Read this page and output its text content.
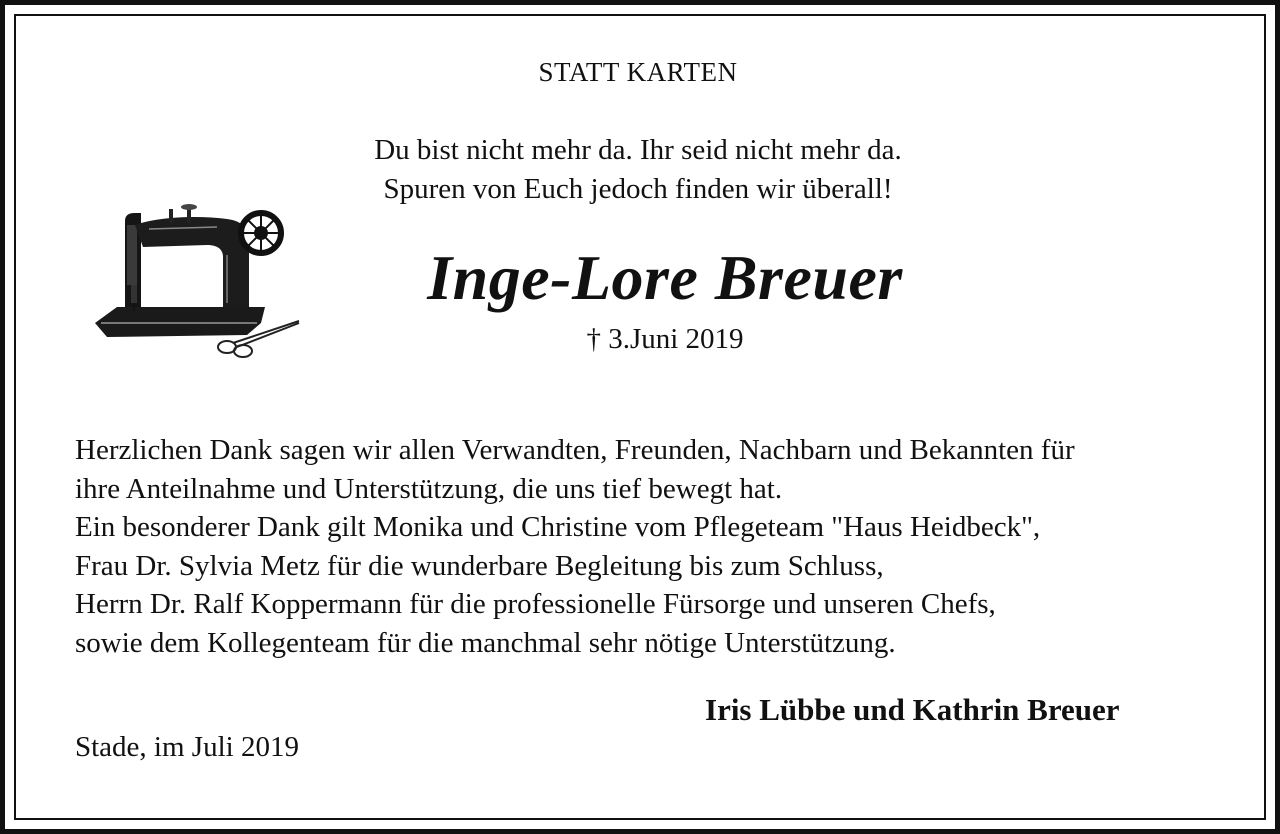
STATT KARTEN
Du bist nicht mehr da. Ihr seid nicht mehr da.
Spuren von Euch jedoch finden wir überall!
Inge-Lore Breuer
† 3.Juni 2019
Herzlichen Dank sagen wir allen Verwandten, Freunden, Nachbarn und Bekannten für
ihre Anteilnahme und Unterstützung, die uns tief bewegt hat.
Ein besonderer Dank gilt Monika und Christine vom Pflegeteam "Haus Heidbeck",
Frau Dr. Sylvia Metz für die wunderbare Begleitung bis zum Schluss,
Herrn Dr. Ralf Koppermann für die professionelle Fürsorge und unseren Chefs,
sowie dem Kollegenteam für die manchmal sehr nötige Unterstützung.
Iris Lübbe und Kathrin Breuer
Stade, im Juli 2019
